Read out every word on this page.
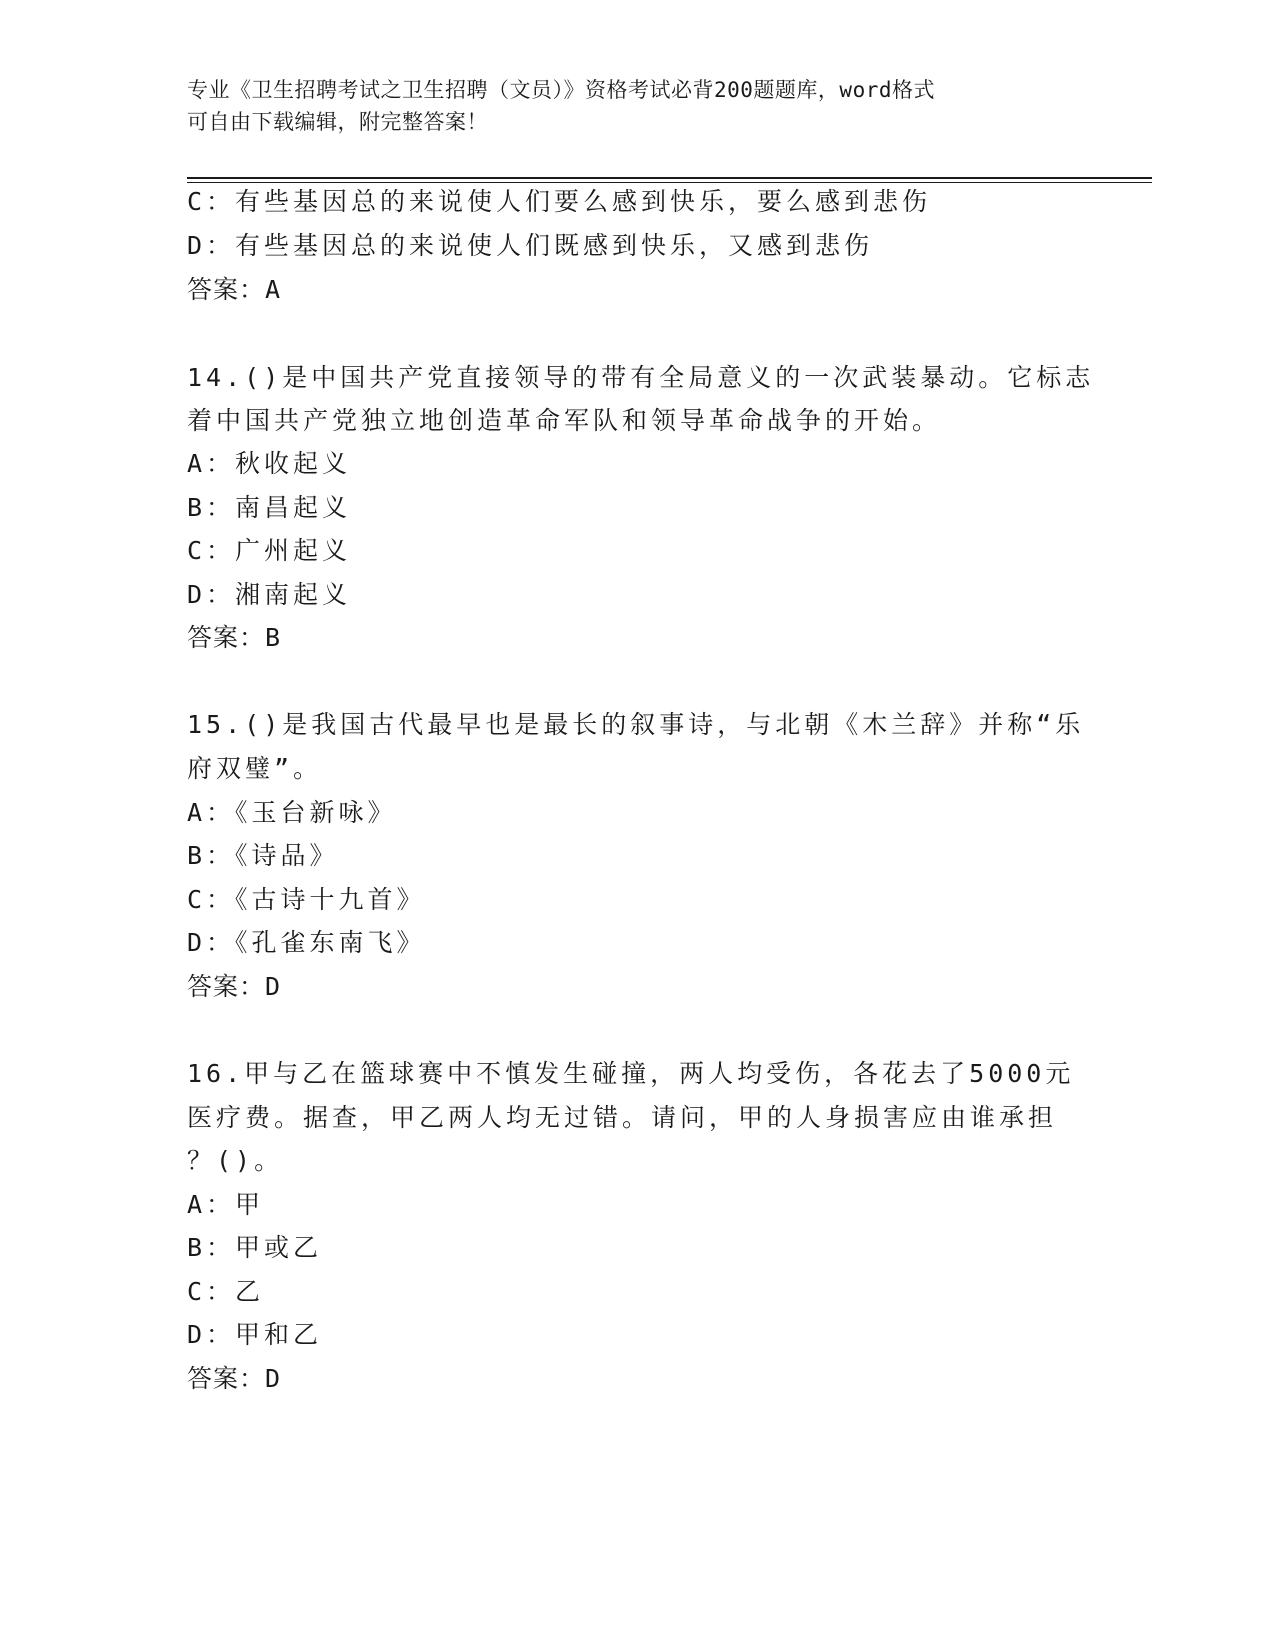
专业《卫生招聘考试之卫生招聘（文员）》资格考试必背200题题库，word格式
可自由下载编辑，附完整答案！
C：有些基因总的来说使人们要么感到快乐，要么感到悲伤
D：有些基因总的来说使人们既感到快乐，又感到悲伤
答案：A
14.()是中国共产党直接领导的带有全局意义的一次武装暴动。它标志
着中国共产党独立地创造革命军队和领导革命战争的开始。
A：秋收起义
B：南昌起义
C：广州起义
D：湘南起义
答案：B
15.()是我国古代最早也是最长的叙事诗，与北朝《木兰辞》并称“乐
府双璧”。
A：《玉台新咏》
B：《诗品》
C：《古诗十九首》
D：《孔雀东南飞》
答案：D
16.甲与乙在篮球赛中不慎发生碰撞，两人均受伤，各花去了5000元
医疗费。据查，甲乙两人均无过错。请问，甲的人身损害应由谁承担
？()。
A：甲
B：甲或乙
C：乙
D：甲和乙
答案：D
